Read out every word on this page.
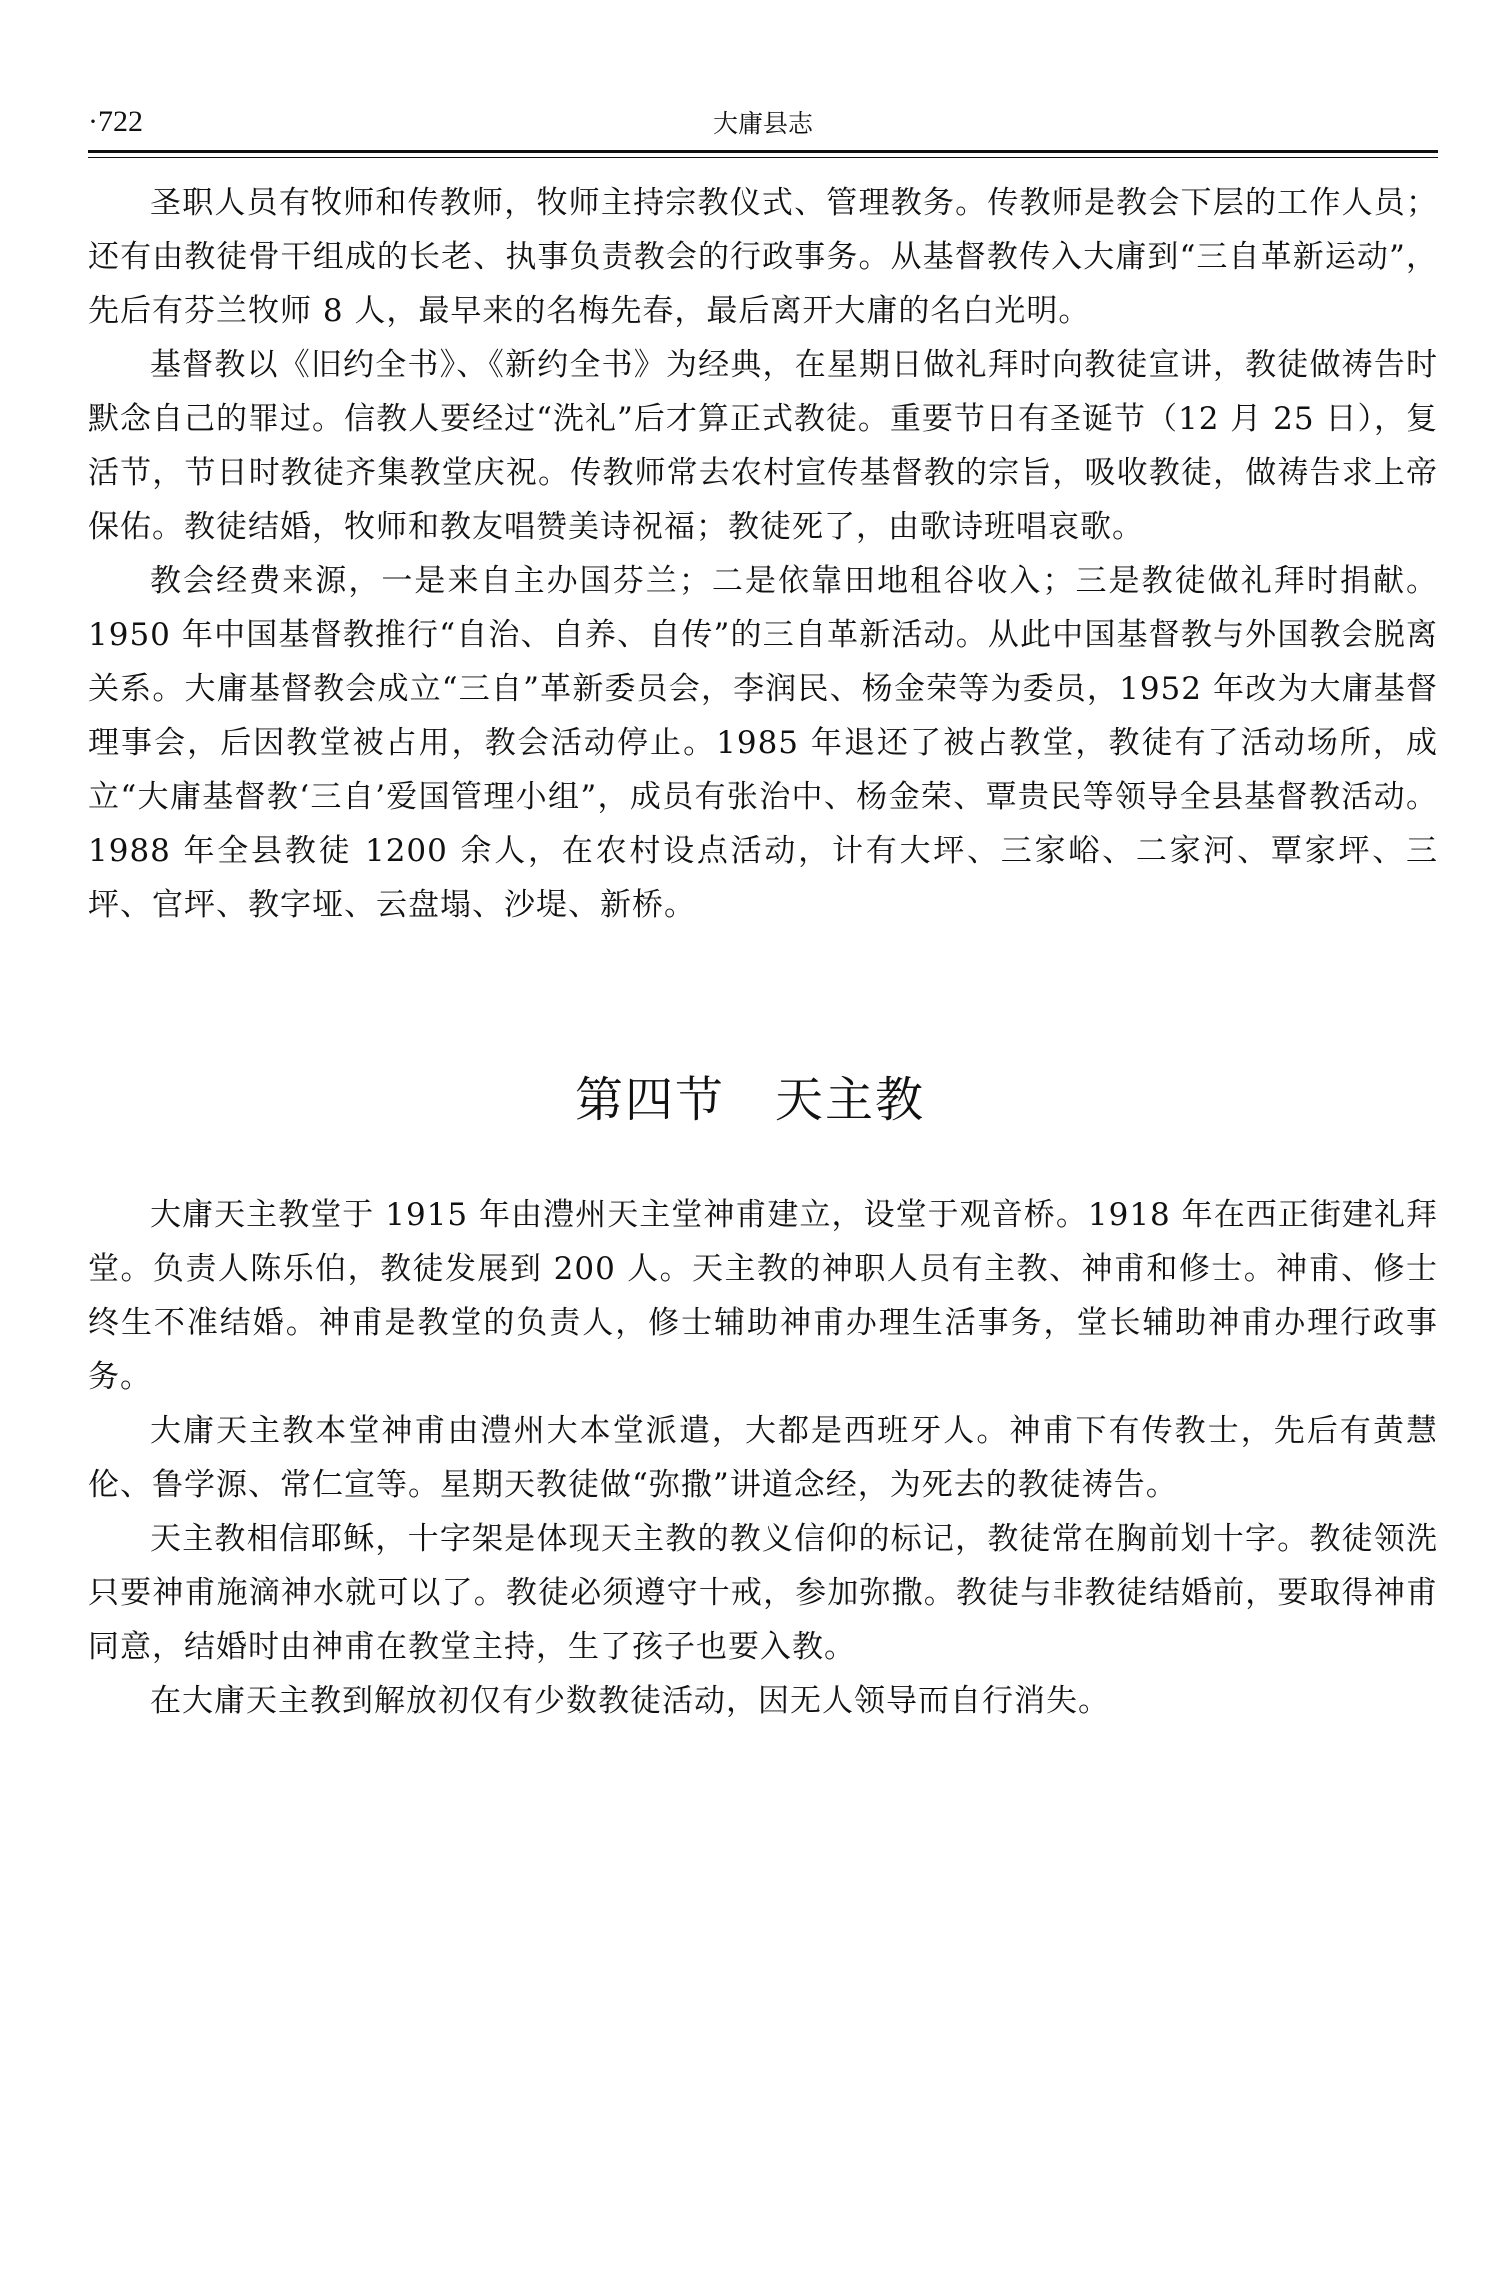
·722	大庸县志

圣职人员有牧师和传教师，牧师主持宗教仪式、管理教务。传教师是教会下层的工作人员；还有由教徒骨干组成的长老、执事负责教会的行政事务。从基督教传入大庸到“三自革新运动”，先后有芬兰牧师 8 人，最早来的名梅先春，最后离开大庸的名白光明。

基督教以《旧约全书》、《新约全书》为经典，在星期日做礼拜时向教徒宣讲，教徒做祷告时默念自己的罪过。信教人要经过“洗礼”后才算正式教徒。重要节日有圣诞节（12 月 25 日），复活节，节日时教徒齐集教堂庆祝。传教师常去农村宣传基督教的宗旨，吸收教徒，做祷告求上帝保佑。教徒结婚，牧师和教友唱赞美诗祝福；教徒死了，由歌诗班唱哀歌。

教会经费来源，一是来自主办国芬兰；二是依靠田地租谷收入；三是教徒做礼拜时捐献。1950 年中国基督教推行“自治、自养、自传”的三自革新活动。从此中国基督教与外国教会脱离关系。大庸基督教会成立“三自”革新委员会，李润民、杨金荣等为委员，1952 年改为大庸基督理事会，后因教堂被占用，教会活动停止。1985 年退还了被占教堂，教徒有了活动场所，成立“大庸基督教‘三自’爱国管理小组”，成员有张治中、杨金荣、覃贵民等领导全县基督教活动。1988 年全县教徒 1200 余人，在农村设点活动，计有大坪、三家峪、二家河、覃家坪、三坪、官坪、教字垭、云盘塌、沙堤、新桥。

第四节　天主教

大庸天主教堂于 1915 年由澧州天主堂神甫建立，设堂于观音桥。1918 年在西正街建礼拜堂。负责人陈乐伯，教徒发展到 200 人。天主教的神职人员有主教、神甫和修士。神甫、修士终生不准结婚。神甫是教堂的负责人，修士辅助神甫办理生活事务，堂长辅助神甫办理行政事务。

大庸天主教本堂神甫由澧州大本堂派遣，大都是西班牙人。神甫下有传教士，先后有黄慧伦、鲁学源、常仁宣等。星期天教徒做“弥撒”讲道念经，为死去的教徒祷告。

天主教相信耶稣，十字架是体现天主教的教义信仰的标记，教徒常在胸前划十字。教徒领洗只要神甫施滴神水就可以了。教徒必须遵守十戒，参加弥撒。教徒与非教徒结婚前，要取得神甫同意，结婚时由神甫在教堂主持，生了孩子也要入教。

在大庸天主教到解放初仅有少数教徒活动，因无人领导而自行消失。
